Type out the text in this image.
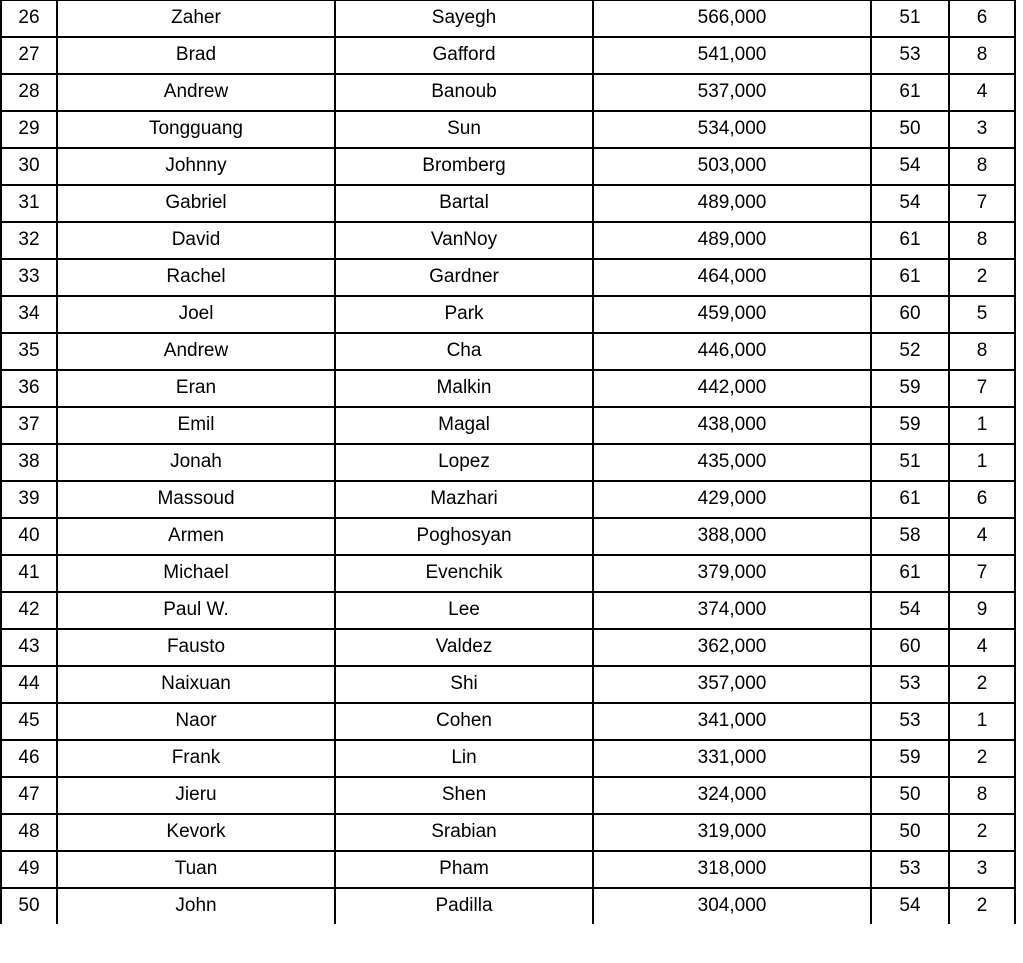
26	Zaher	Sayegh	566,000	51	6
27	Brad	Gafford	541,000	53	8
28	Andrew	Banoub	537,000	61	4
29	Tongguang	Sun	534,000	50	3
30	Johnny	Bromberg	503,000	54	8
31	Gabriel	Bartal	489,000	54	7
32	David	VanNoy	489,000	61	8
33	Rachel	Gardner	464,000	61	2
34	Joel	Park	459,000	60	5
35	Andrew	Cha	446,000	52	8
36	Eran	Malkin	442,000	59	7
37	Emil	Magal	438,000	59	1
38	Jonah	Lopez	435,000	51	1
39	Massoud	Mazhari	429,000	61	6
40	Armen	Poghosyan	388,000	58	4
41	Michael	Evenchik	379,000	61	7
42	Paul W.	Lee	374,000	54	9
43	Fausto	Valdez	362,000	60	4
44	Naixuan	Shi	357,000	53	2
45	Naor	Cohen	341,000	53	1
46	Frank	Lin	331,000	59	2
47	Jieru	Shen	324,000	50	8
48	Kevork	Srabian	319,000	50	2
49	Tuan	Pham	318,000	53	3
50	John	Padilla	304,000	54	2
